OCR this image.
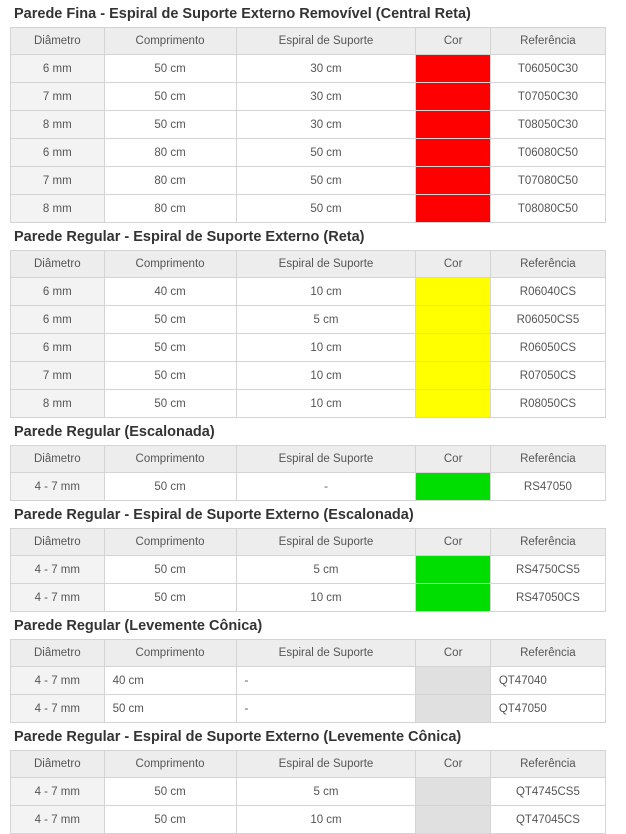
Parede Fina - Espiral de Suporte Externo Removível (Central Reta)
Diâmetro	Comprimento	Espiral de Suporte	Cor	Referência
6 mm	50 cm	30 cm		T06050C30
7 mm	50 cm	30 cm		T07050C30
8 mm	50 cm	30 cm		T08050C30
6 mm	80 cm	50 cm		T06080C50
7 mm	80 cm	50 cm		T07080C50
8 mm	80 cm	50 cm		T08080C50
Parede Regular - Espiral de Suporte Externo (Reta)
Diâmetro	Comprimento	Espiral de Suporte	Cor	Referência
6 mm	40 cm	10 cm		R06040CS
6 mm	50 cm	5 cm		R06050CS5
6 mm	50 cm	10 cm		R06050CS
7 mm	50 cm	10 cm		R07050CS
8 mm	50 cm	10 cm		R08050CS
Parede Regular (Escalonada)
Diâmetro	Comprimento	Espiral de Suporte	Cor	Referência
4 - 7 mm	50 cm	-		RS47050
Parede Regular - Espiral de Suporte Externo (Escalonada)
Diâmetro	Comprimento	Espiral de Suporte	Cor	Referência
4 - 7 mm	50 cm	5 cm		RS4750CS5
4 - 7 mm	50 cm	10 cm		RS47050CS
Parede Regular (Levemente Cônica)
Diâmetro	Comprimento	Espiral de Suporte	Cor	Referência
4 - 7 mm	40 cm	-		QT47040
4 - 7 mm	50 cm	-		QT47050
Parede Regular - Espiral de Suporte Externo (Levemente Cônica)
Diâmetro	Comprimento	Espiral de Suporte	Cor	Referência
4 - 7 mm	50 cm	5 cm		QT4745CS5
4 - 7 mm	50 cm	10 cm		QT47045CS
